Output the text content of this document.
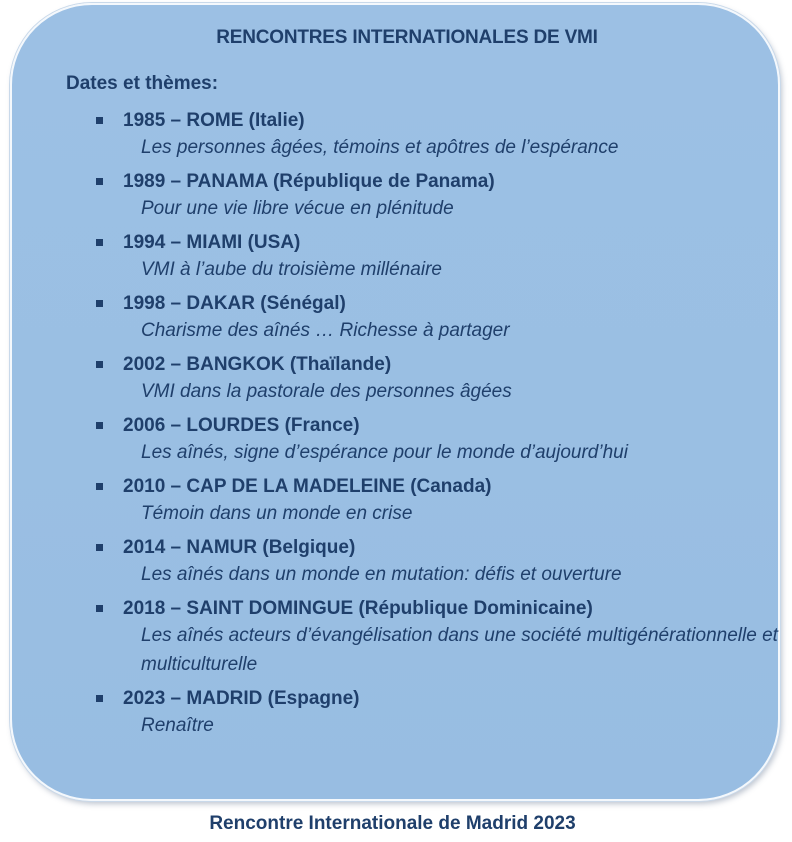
RENCONTRES INTERNATIONALES DE VMI
Dates et thèmes:
1985 – ROME (Italie)
Les personnes âgées, témoins et apôtres de l’espérance
1989 – PANAMA (République de Panama)
Pour une vie libre vécue en plénitude
1994 – MIAMI (USA)
VMI à l’aube du troisième millénaire
1998 – DAKAR (Sénégal)
Charisme des aînés … Richesse à partager
2002 – BANGKOK (Thaïlande)
VMI dans la pastorale des personnes âgées
2006 – LOURDES (France)
Les aînés, signe d’espérance pour le monde d’aujourd’hui
2010 – CAP DE LA MADELEINE (Canada)
Témoin dans un monde en crise
2014 – NAMUR (Belgique)
Les aînés dans un monde en mutation: défis et ouverture
2018 – SAINT DOMINGUE (République Dominicaine)
Les aînés acteurs d’évangélisation dans une société multigénérationnelle et multiculturelle
2023 – MADRID (Espagne)
Renaître
Rencontre Internationale de Madrid 2023
